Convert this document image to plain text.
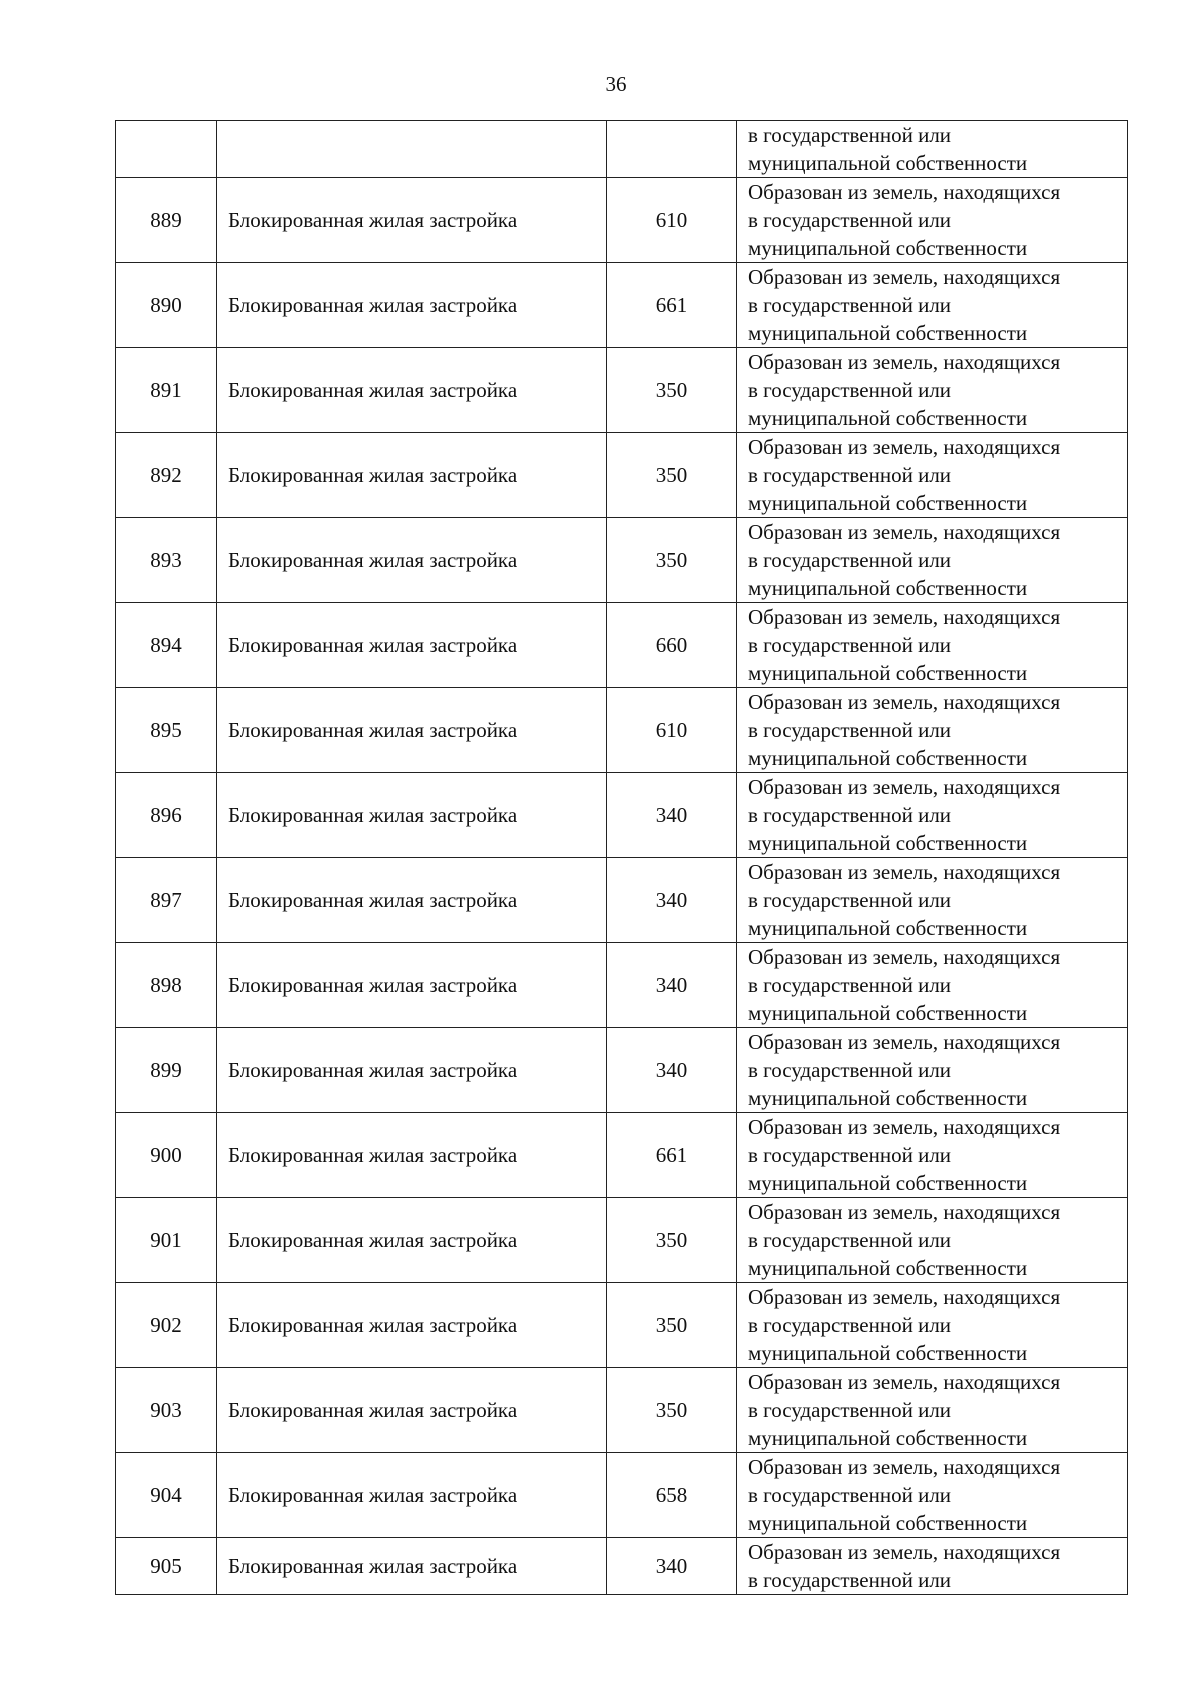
36

			в государственной или
муниципальной собственности

889	Блокированная жилая застройка	610	Образован из земель, находящихся
в государственной или
муниципальной собственности

890	Блокированная жилая застройка	661	Образован из земель, находящихся
в государственной или
муниципальной собственности

891	Блокированная жилая застройка	350	Образован из земель, находящихся
в государственной или
муниципальной собственности

892	Блокированная жилая застройка	350	Образован из земель, находящихся
в государственной или
муниципальной собственности

893	Блокированная жилая застройка	350	Образован из земель, находящихся
в государственной или
муниципальной собственности

894	Блокированная жилая застройка	660	Образован из земель, находящихся
в государственной или
муниципальной собственности

895	Блокированная жилая застройка	610	Образован из земель, находящихся
в государственной или
муниципальной собственности

896	Блокированная жилая застройка	340	Образован из земель, находящихся
в государственной или
муниципальной собственности

897	Блокированная жилая застройка	340	Образован из земель, находящихся
в государственной или
муниципальной собственности

898	Блокированная жилая застройка	340	Образован из земель, находящихся
в государственной или
муниципальной собственности

899	Блокированная жилая застройка	340	Образован из земель, находящихся
в государственной или
муниципальной собственности

900	Блокированная жилая застройка	661	Образован из земель, находящихся
в государственной или
муниципальной собственности

901	Блокированная жилая застройка	350	Образован из земель, находящихся
в государственной или
муниципальной собственности

902	Блокированная жилая застройка	350	Образован из земель, находящихся
в государственной или
муниципальной собственности

903	Блокированная жилая застройка	350	Образован из земель, находящихся
в государственной или
муниципальной собственности

904	Блокированная жилая застройка	658	Образован из земель, находящихся
в государственной или
муниципальной собственности

905	Блокированная жилая застройка	340	Образован из земель, находящихся
в государственной или
